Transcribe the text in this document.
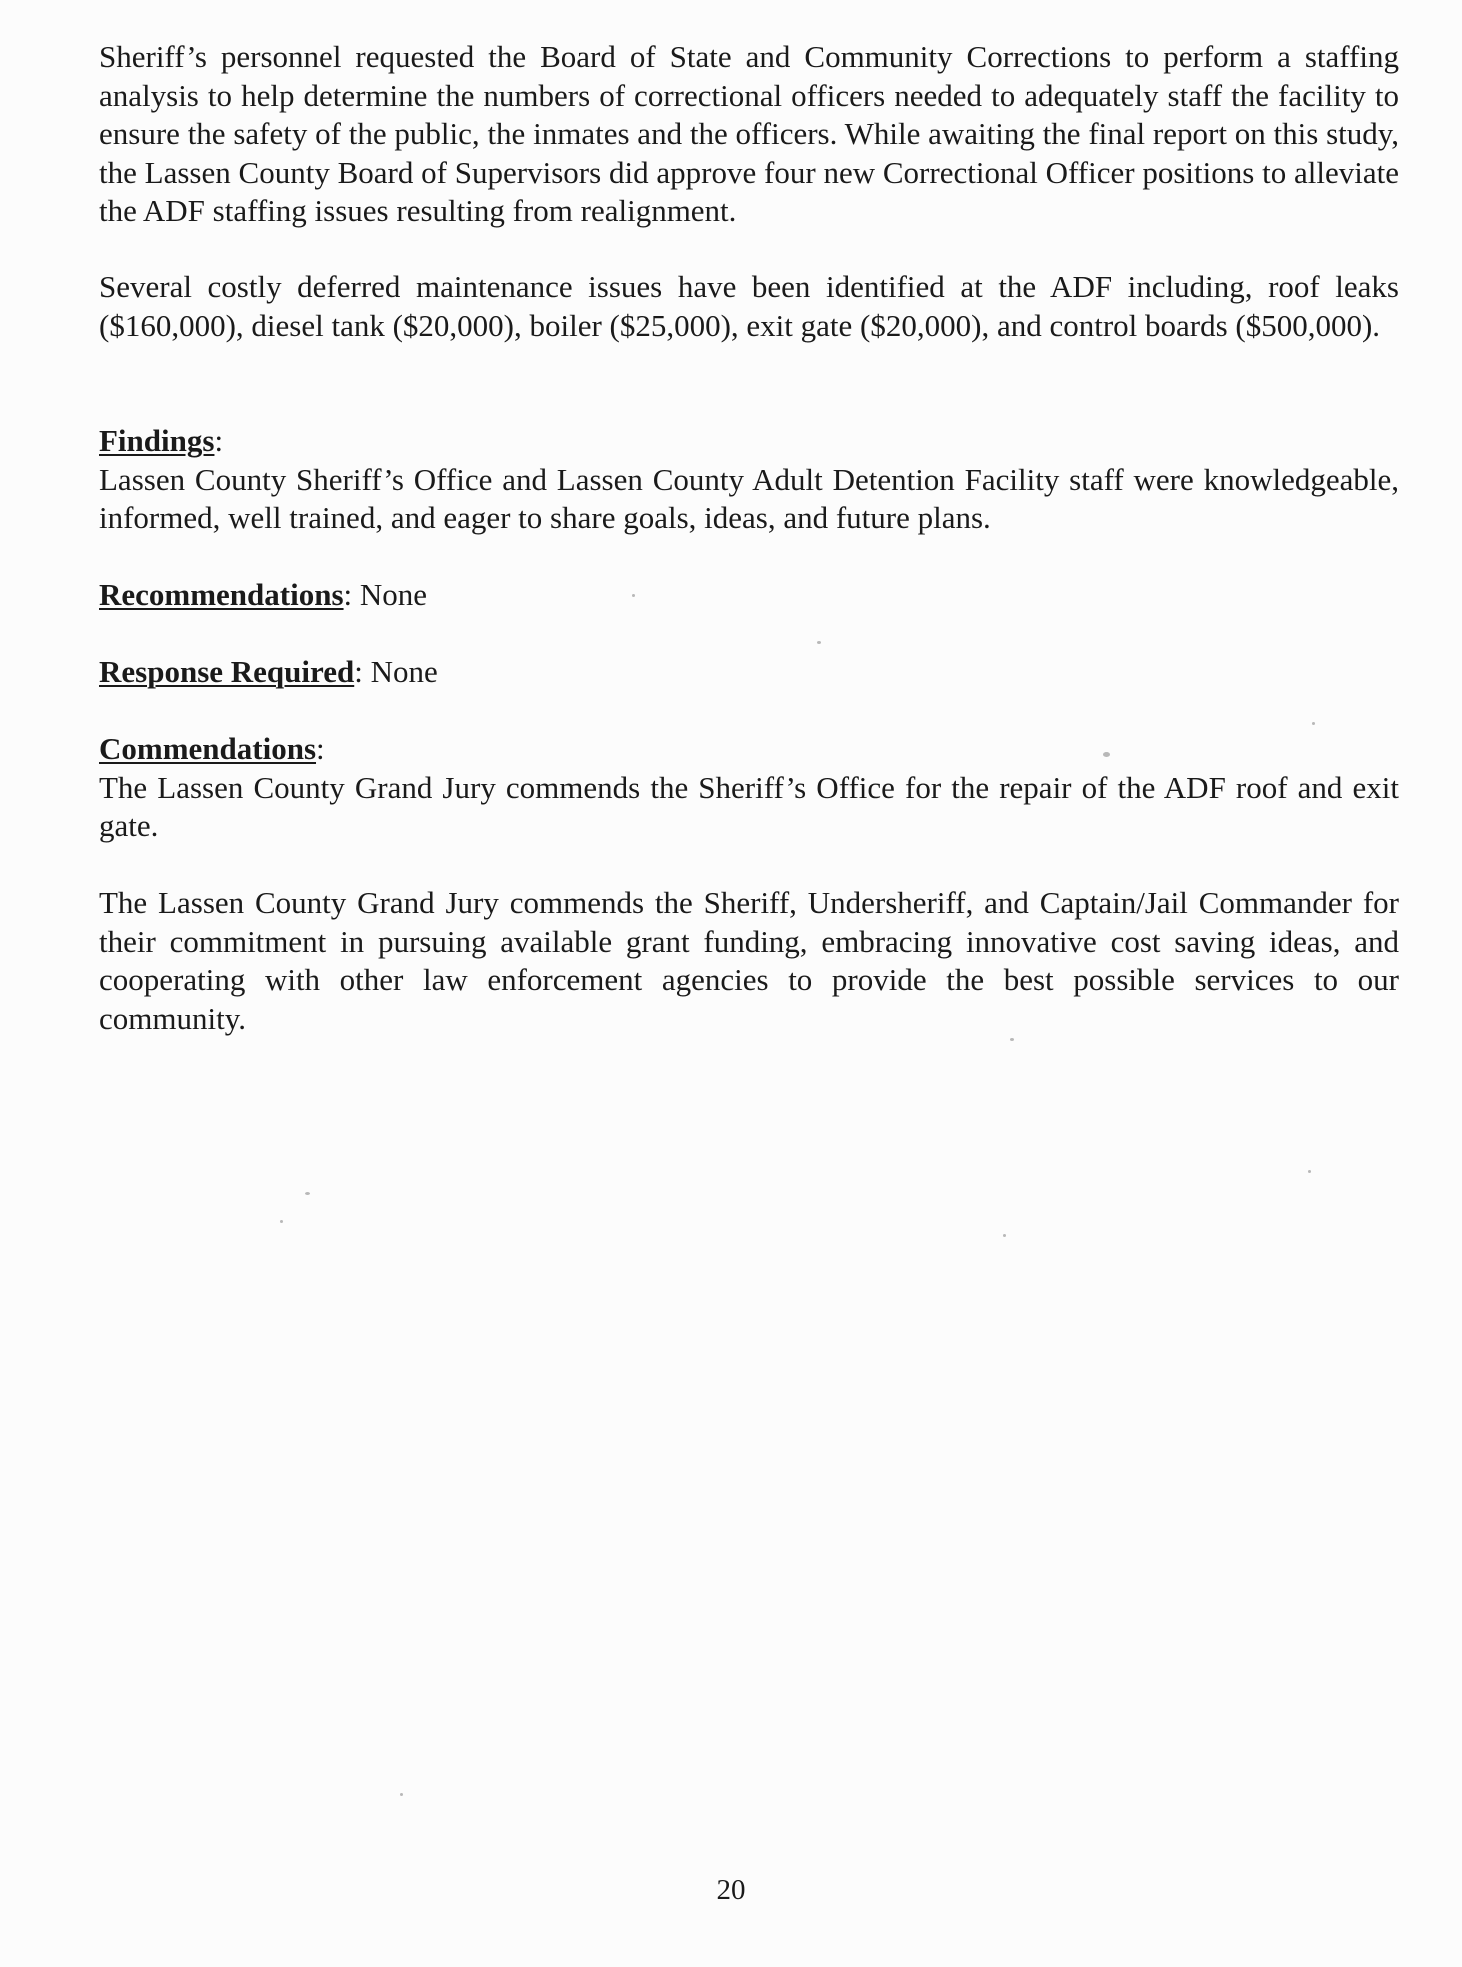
Sheriff’s personnel requested the Board of State and Community Corrections to perform a staffing analysis to help determine the numbers of correctional officers needed to adequately staff the facility to ensure the safety of the public, the inmates and the officers. While awaiting the final report on this study, the Lassen County Board of Supervisors did approve four new Correctional Officer positions to alleviate the ADF staffing issues resulting from realignment.

Several costly deferred maintenance issues have been identified at the ADF including, roof leaks ($160,000), diesel tank ($20,000), boiler ($25,000), exit gate ($20,000), and control boards ($500,000).

Findings:
Lassen County Sheriff’s Office and Lassen County Adult Detention Facility staff were knowledgeable, informed, well trained, and eager to share goals, ideas, and future plans.

Recommendations: None

Response Required: None

Commendations:
The Lassen County Grand Jury commends the Sheriff’s Office for the repair of the ADF roof and exit gate.

The Lassen County Grand Jury commends the Sheriff, Undersheriff, and Captain/Jail Commander for their commitment in pursuing available grant funding, embracing innovative cost saving ideas, and cooperating with other law enforcement agencies to provide the best possible services to our community.

20
